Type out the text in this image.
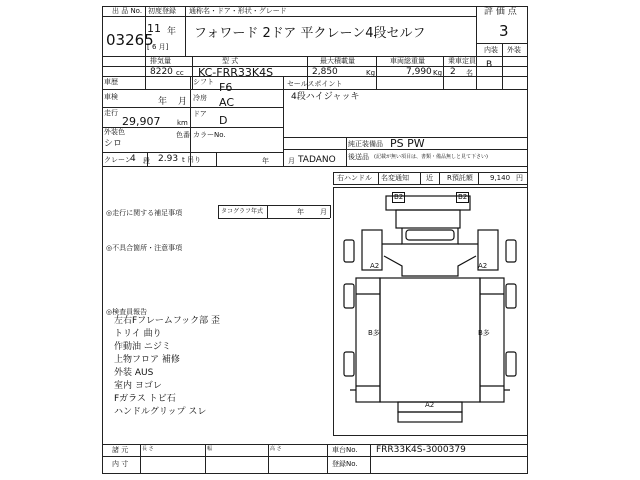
出 品 No.
03265
初度登録
11 年
[ 6 月]
通称名・ドア・形状・グレード
フォワード 2ドア 平クレーン4段セルフ
排気量
8220 cc
型 式
KC-FRR33K4S
最大積載量
2,850	Kg
車両総重量
7,990 Kg
乗車定員
2 名
評 価 点
3
内装 外装
B
車歴
車検	年 月
走行
29,907 km
外装色
シロ
シフト F6
冷房 AC
ドア D
色番 カラーNo.
セールスポイント
4段ハイジャッキ
純正装備品 PS PW
後送品 (記載が無い項目は、書類・備品無しと見て下さい)
クレーン
4 段 2.93 t 吊り	年	月 TADANO
右ハンドル 名変通知 近 R預託額 9,140 円
◎走行に関する補足事項	タコグラフ年式	年 月
◎不具合箇所・注意事項
◎検査員報告
左右Fフレームフック部 歪
トリイ 曲り
作動油 ニジミ
上物フロア 補修
外装 AUS
室内 ヨゴレ
Fガラス トビ石
ハンドルグリップ スレ
B2	B2
A2	A2
B多	B多
A2
諸 元
内 寸
長 さ	幅	高 さ	車台No. FRR33K4S-3000379
登録No.
